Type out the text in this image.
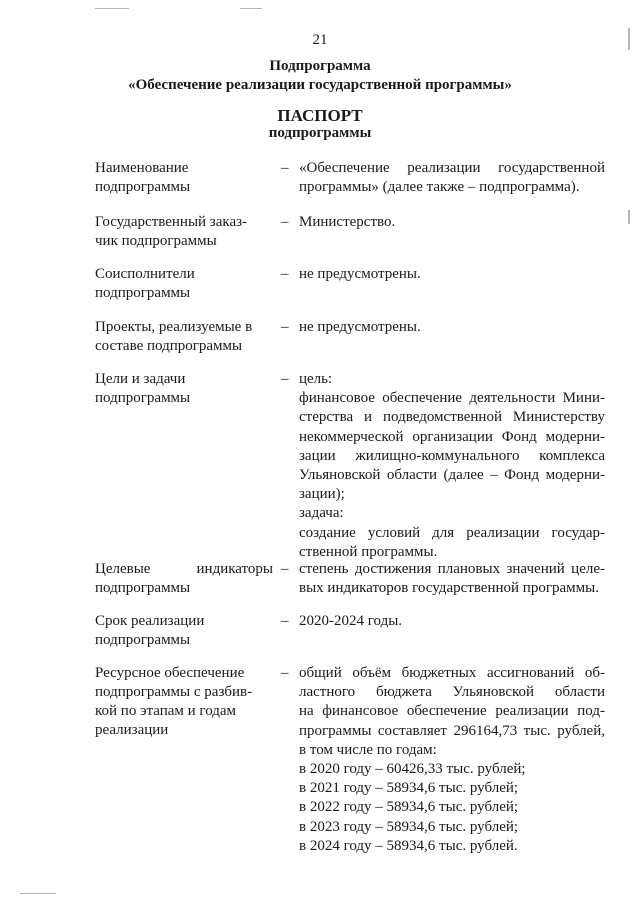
21
Подпрограмма
«Обеспечение реализации государственной программы»
ПАСПОРТ
подпрограммы
Наименование
подпрограммы
– «Обеспечение реализации государственной
программы» (далее также – подпрограмма).
Государственный заказ-
чик подпрограммы
– Министерство.
Соисполнители
подпрограммы
– не предусмотрены.
Проекты, реализуемые в
составе подпрограммы
– не предусмотрены.
Цели и задачи
подпрограммы
– цель:
финансовое обеспечение деятельности Мини-
стерства и подведомственной Министерству
некоммерческой организации Фонд модерни-
зации жилищно-коммунального комплекса
Ульяновской области (далее – Фонд модерни-
зации);
задача:
создание условий для реализации государ-
ственной программы.
Целевые индикаторы
подпрограммы
– степень достижения плановых значений целе-
вых индикаторов государственной программы.
Срок реализации
подпрограммы
– 2020-2024 годы.
Ресурсное обеспечение
подпрограммы с разбив-
кой по этапам и годам
реализации
– общий объём бюджетных ассигнований об-
ластного бюджета Ульяновской области
на финансовое обеспечение реализации под-
программы составляет 296164,73 тыс. рублей,
в том числе по годам:
в 2020 году – 60426,33 тыс. рублей;
в 2021 году – 58934,6 тыс. рублей;
в 2022 году – 58934,6 тыс. рублей;
в 2023 году – 58934,6 тыс. рублей;
в 2024 году – 58934,6 тыс. рублей.
